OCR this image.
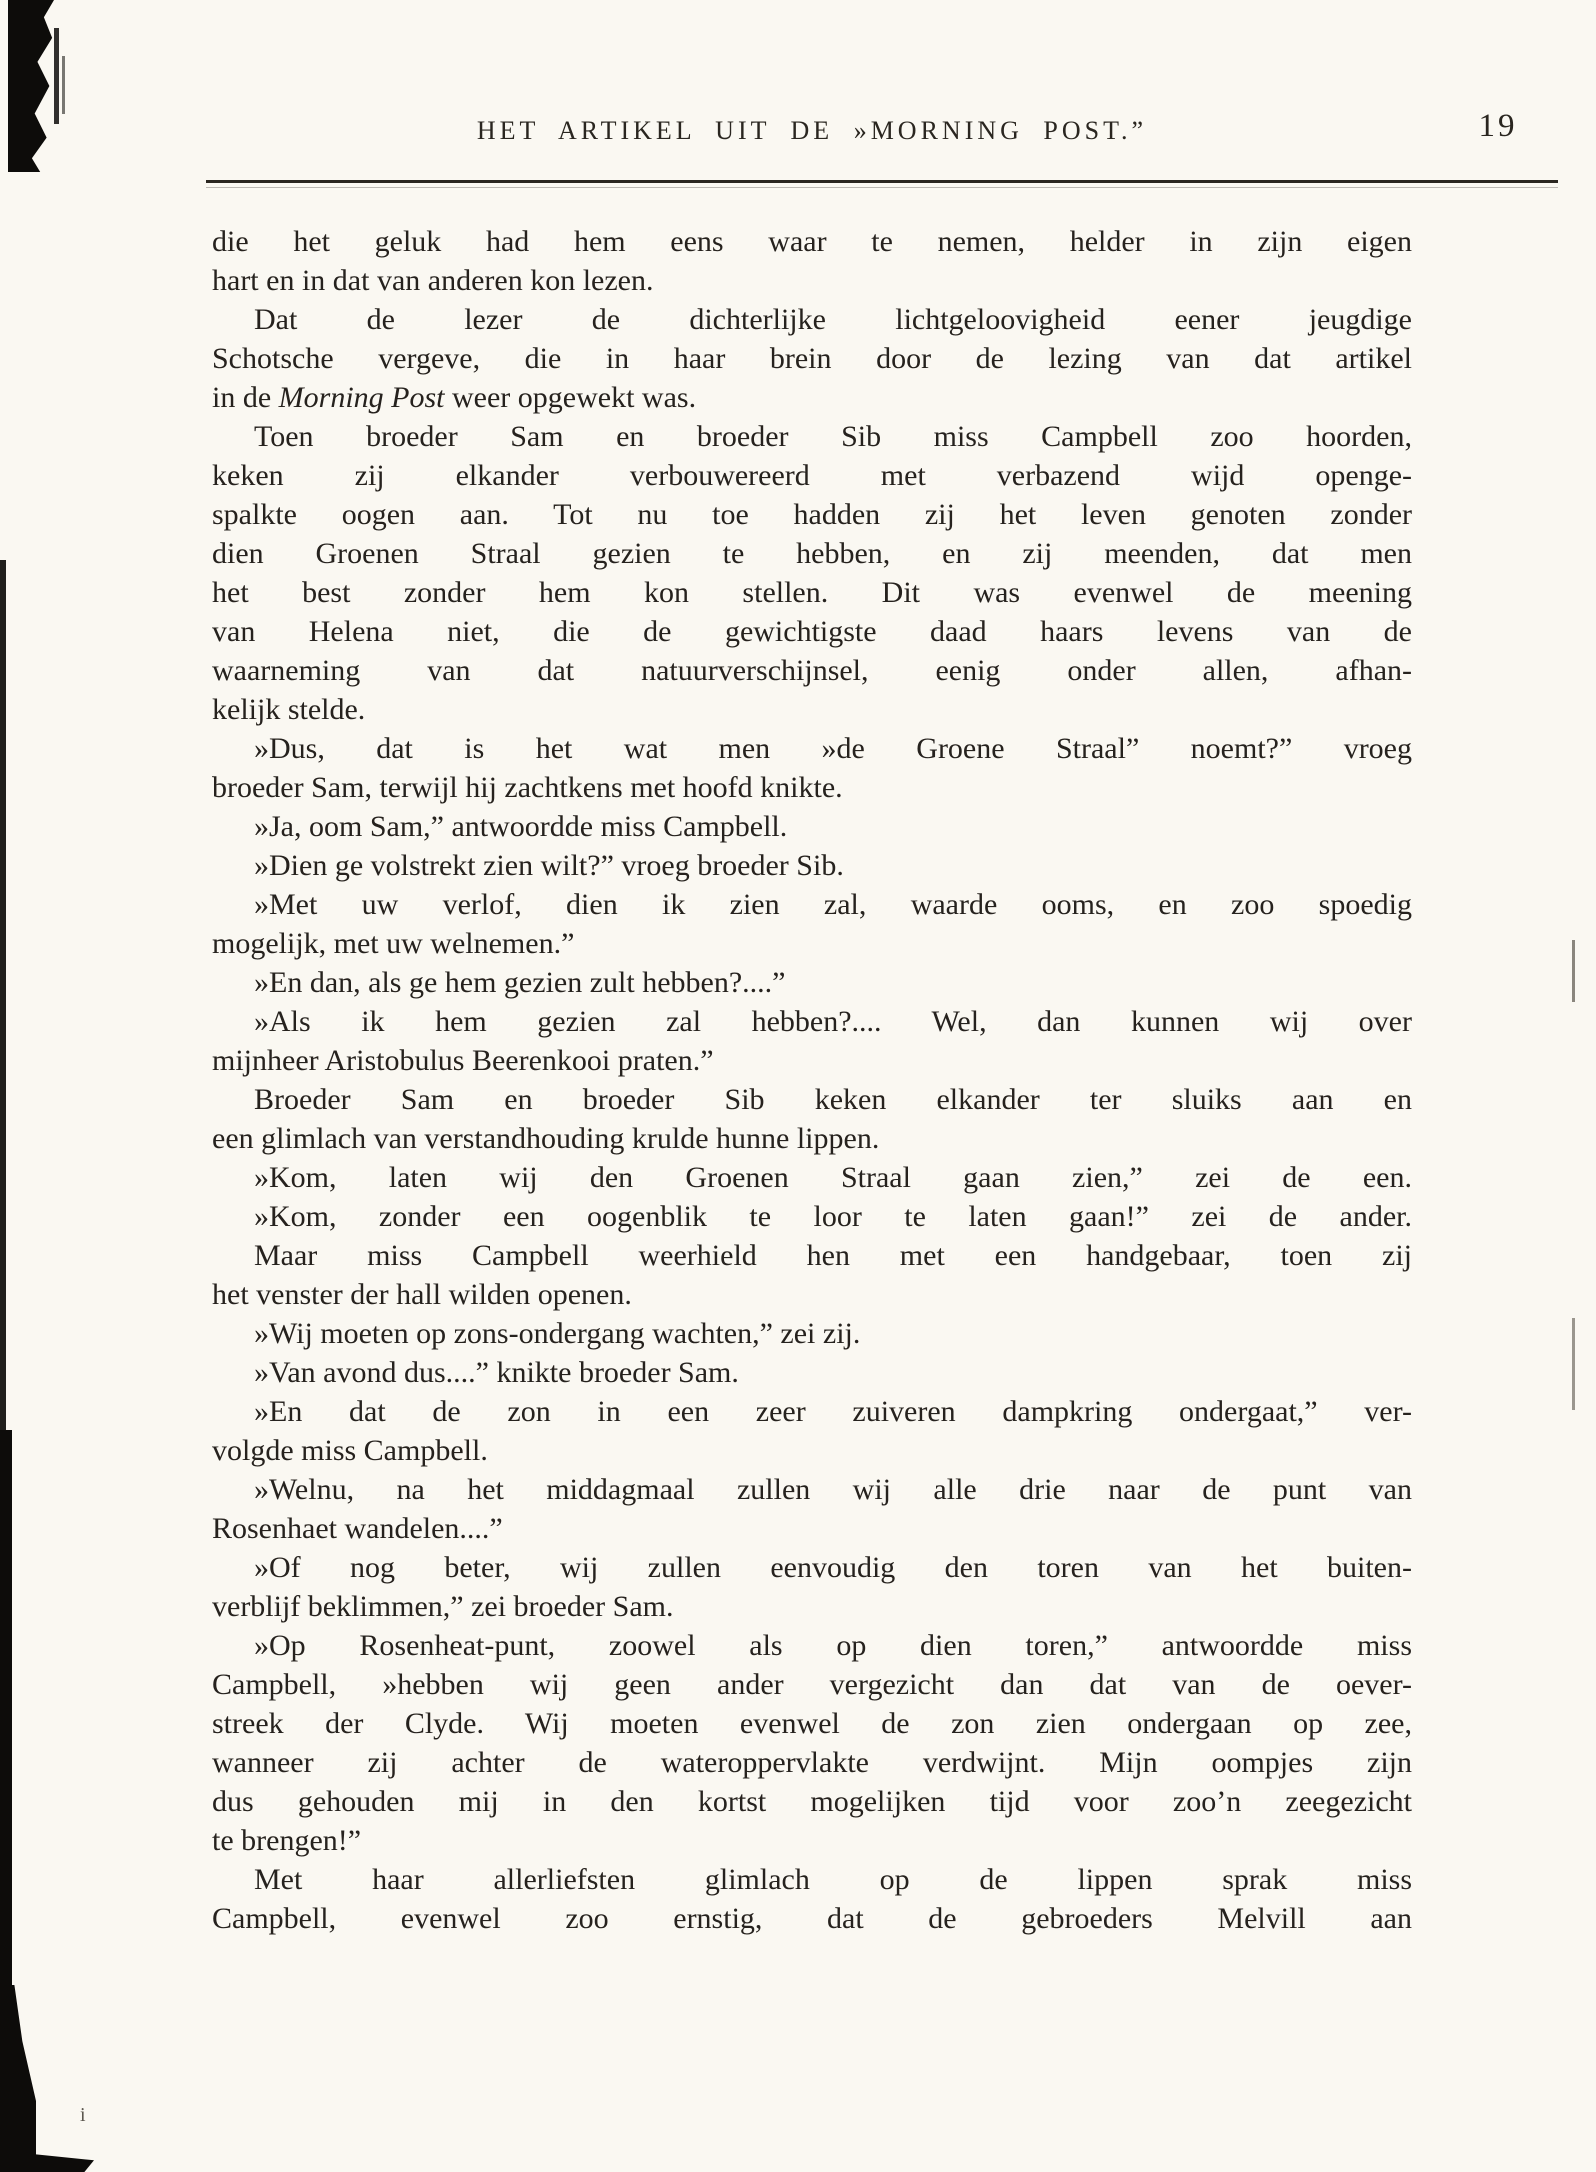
HET ARTIKEL UIT DE »MORNING POST.”	19
die het geluk had hem eens waar te nemen, helder in zijn eigen
hart en in dat van anderen kon lezen.
Dat de lezer de dichterlijke lichtgeloovigheid eener jeugdige
Schotsche vergeve, die in haar brein door de lezing van dat artikel
in de Morning Post weer opgewekt was.
Toen broeder Sam en broeder Sib miss Campbell zoo hoorden,
keken zij elkander verbouwereerd met verbazend wijd openge-
spalkte oogen aan. Tot nu toe hadden zij het leven genoten zonder
dien Groenen Straal gezien te hebben, en zij meenden, dat men
het best zonder hem kon stellen. Dit was evenwel de meening
van Helena niet, die de gewichtigste daad haars levens van de
waarneming van dat natuurverschijnsel, eenig onder allen, afhan-
kelijk stelde.
»Dus, dat is het wat men »de Groene Straal” noemt?” vroeg
broeder Sam, terwijl hij zachtkens met hoofd knikte.
»Ja, oom Sam,” antwoordde miss Campbell.
»Dien ge volstrekt zien wilt?” vroeg broeder Sib.
»Met uw verlof, dien ik zien zal, waarde ooms, en zoo spoedig
mogelijk, met uw welnemen.”
»En dan, als ge hem gezien zult hebben?....”
»Als ik hem gezien zal hebben?.... Wel, dan kunnen wij over
mijnheer Aristobulus Beerenkooi praten.”
Broeder Sam en broeder Sib keken elkander ter sluiks aan en
een glimlach van verstandhouding krulde hunne lippen.
»Kom, laten wij den Groenen Straal gaan zien,” zei de een.
»Kom, zonder een oogenblik te loor te laten gaan!” zei de ander.
Maar miss Campbell weerhield hen met een handgebaar, toen zij
het venster der hall wilden openen.
»Wij moeten op zons-ondergang wachten,” zei zij.
»Van avond dus....” knikte broeder Sam.
»En dat de zon in een zeer zuiveren dampkring ondergaat,” ver-
volgde miss Campbell.
»Welnu, na het middagmaal zullen wij alle drie naar de punt van
Rosenhaet wandelen....”
»Of nog beter, wij zullen eenvoudig den toren van het buiten-
verblijf beklimmen,” zei broeder Sam.
»Op Rosenheat-punt, zoowel als op dien toren,” antwoordde miss
Campbell, »hebben wij geen ander vergezicht dan dat van de oever-
streek der Clyde. Wij moeten evenwel de zon zien ondergaan op zee,
wanneer zij achter de wateroppervlakte verdwijnt. Mijn oompjes zijn
dus gehouden mij in den kortst mogelijken tijd voor zoo’n zeegezicht
te brengen!”
Met haar allerliefsten glimlach op de lippen sprak miss
Campbell, evenwel zoo ernstig, dat de gebroeders Melvill aan
i
